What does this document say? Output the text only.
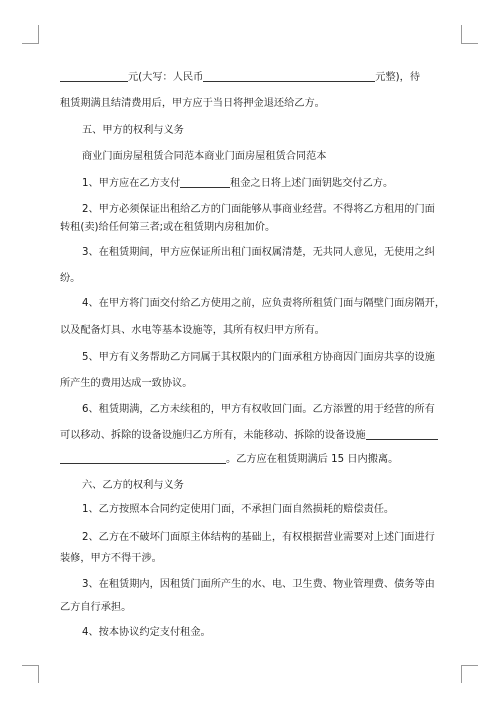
元(大写：人民币	元整)，待
租赁期满且结清费用后，甲方应于当日将押金退还给乙方。
五、甲方的权利与义务
商业门面房屋租赁合同范本商业门面房屋租赁合同范本
1、甲方应在乙方支付	租金之日将上述门面钥匙交付乙方。
2、甲方必须保证出租给乙方的门面能够从事商业经营。不得将乙方租用的门面
转租(卖)给任何第三者;或在租赁期内房租加价。
3、在租赁期间，甲方应保证所出租门面权属清楚，无共同人意见，无使用之纠
纷。
4、在甲方将门面交付给乙方使用之前，应负责将所租赁门面与隔壁门面房隔开，
以及配备灯具、水电等基本设施等，其所有权归甲方所有。
5、甲方有义务帮助乙方同属于其权限内的门面承租方协商因门面房共享的设施
所产生的费用达成一致协议。
6、租赁期满，乙方未续租的，甲方有权收回门面。乙方添置的用于经营的所有
可以移动、拆除的设备设施归乙方所有，未能移动、拆除的设备设施
。乙方应在租赁期满后 15 日内搬离。
六、乙方的权利与义务
1、乙方按照本合同约定使用门面，不承担门面自然损耗的赔偿责任。
2、乙方在不破坏门面原主体结构的基础上，有权根据营业需要对上述门面进行
装修，甲方不得干涉。
3、在租赁期内，因租赁门面所产生的水、电、卫生费、物业管理费、债务等由
乙方自行承担。
4、按本协议约定支付租金。
